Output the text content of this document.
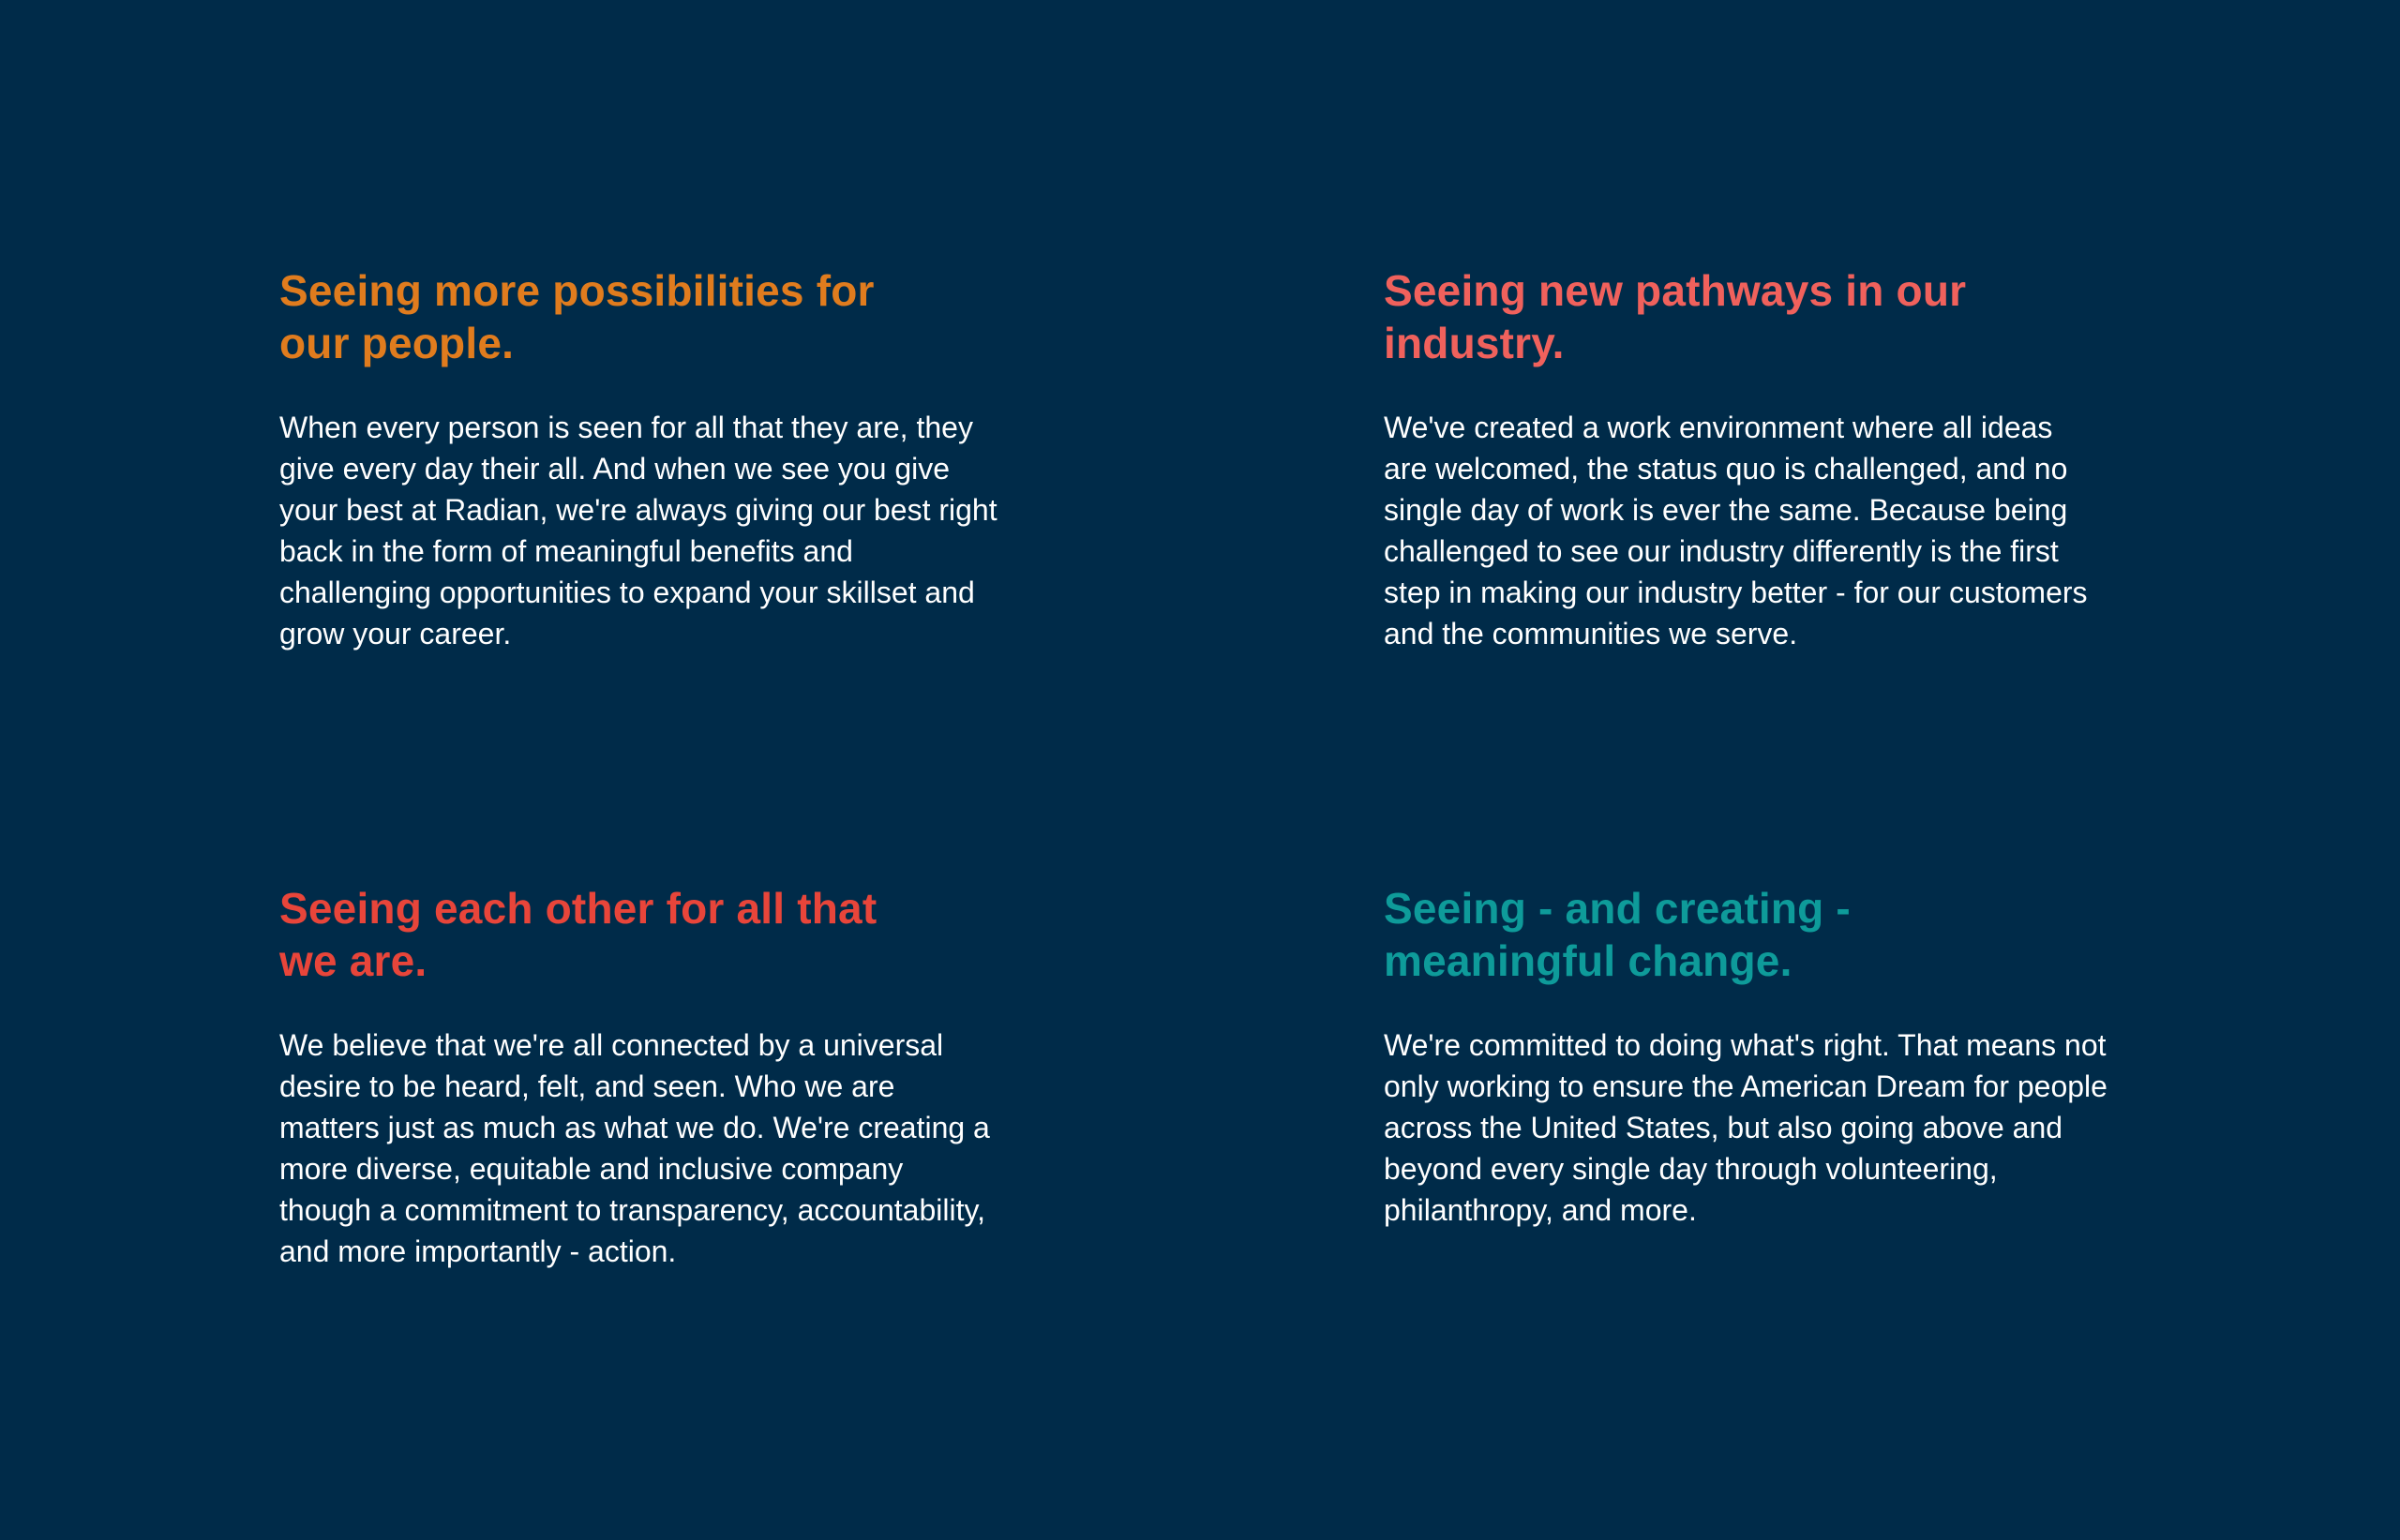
Seeing more possibilities for our people.

When every person is seen for all that they are, they give every day their all. And when we see you give your best at Radian, we're always giving our best right back in the form of meaningful benefits and challenging opportunities to expand your skillset and grow your career.

Seeing new pathways in our industry.

We've created a work environment where all ideas are welcomed, the status quo is challenged, and no single day of work is ever the same. Because being challenged to see our industry differently is the first step in making our industry better - for our customers and the communities we serve.

Seeing each other for all that we are.

We believe that we're all connected by a universal desire to be heard, felt, and seen. Who we are matters just as much as what we do. We're creating a more diverse, equitable and inclusive company though a commitment to transparency, accountability, and more importantly - action.

Seeing - and creating - meaningful change.

We're committed to doing what's right. That means not only working to ensure the American Dream for people across the United States, but also going above and beyond every single day through volunteering, philanthropy, and more.
